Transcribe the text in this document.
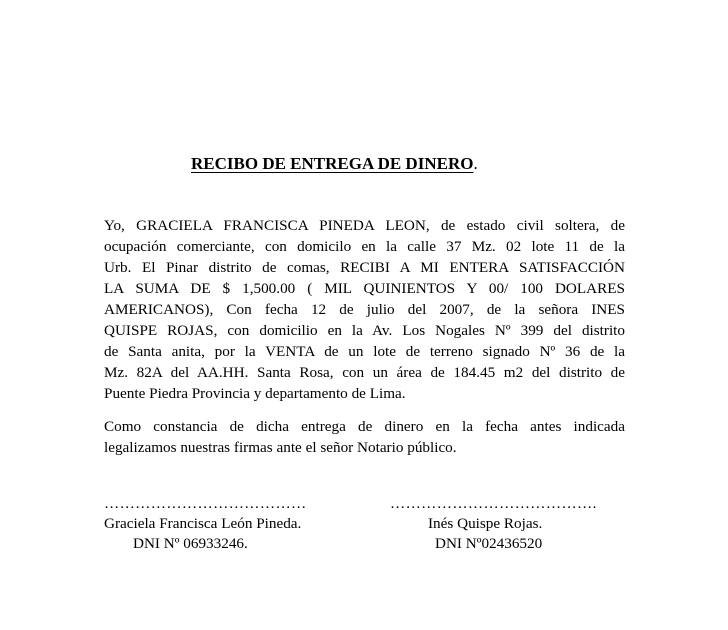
RECIBO DE ENTREGA DE DINERO.
Yo, GRACIELA FRANCISCA PINEDA LEON, de estado civil soltera, de
ocupación comerciante, con domicilo en la calle 37 Mz. 02 lote 11 de la
Urb. El Pinar distrito de comas, RECIBI A MI ENTERA SATISFACCIÓN
LA SUMA DE $ 1,500.00 ( MIL QUINIENTOS Y 00/ 100 DOLARES
AMERICANOS), Con fecha 12 de julio del 2007, de la señora INES
QUISPE ROJAS, con domicilio en la Av. Los Nogales Nº 399 del distrito
de Santa anita, por la VENTA de un lote de terreno signado Nº 36 de la
Mz. 82A del AA.HH. Santa Rosa, con un área de 184.45 m2 del distrito de
Puente Piedra Provincia y departamento de Lima.
Como constancia de dicha entrega de dinero en la fecha antes indicada
legalizamos nuestras firmas ante el señor Notario público.
…………………………………
Graciela Francisca León Pineda.
DNI Nº 06933246.
………………………………….
Inés Quispe Rojas.
DNI Nº02436520
